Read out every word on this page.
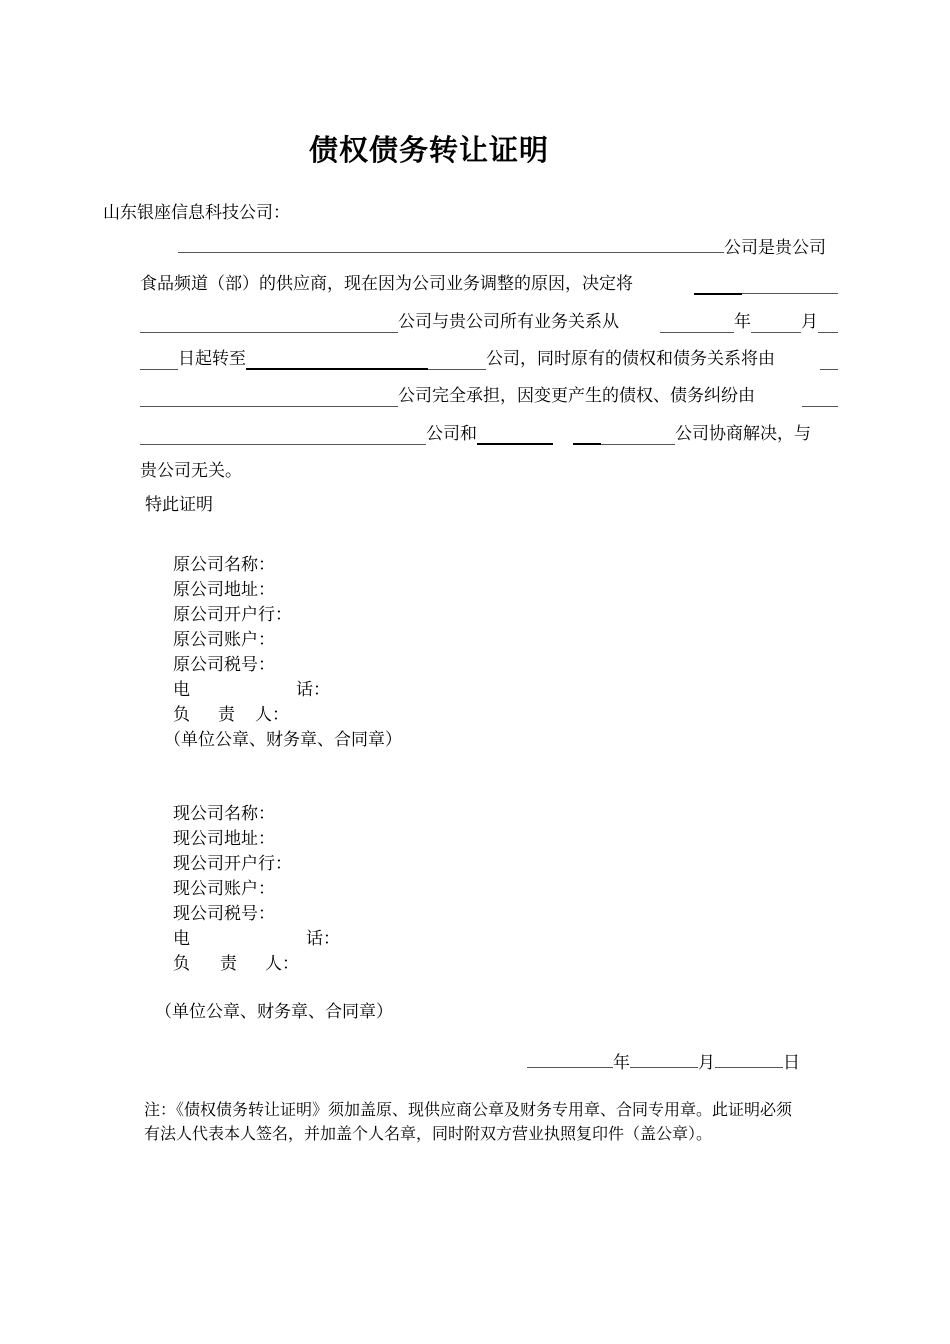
债权债务转让证明
山东银座信息科技公司：
公司是贵公司
食品频道（部）的供应商，现在因为公司业务调整的原因，决定将
公司与贵公司所有业务关系从	年	月
日起转至	公司，同时原有的债权和债务关系将由
公司完全承担，因变更产生的债权、债务纠纷由
公司和	公司协商解决，与
贵公司无关。
特此证明
原公司名称：
原公司地址：
原公司开户行：
原公司账户：
原公司税号：
电	话：
负 责 人：
（单位公章、财务章、合同章）
现公司名称：
现公司地址：
现公司开户行：
现公司账户：
现公司税号：
电	话：
负 责 人：
（单位公章、财务章、合同章）
年	月	日
注：《债权债务转让证明》须加盖原、现供应商公章及财务专用章、合同专用章。此证明必须有法人代表本人签名，并加盖个人名章，同时附双方营业执照复印件（盖公章）。
